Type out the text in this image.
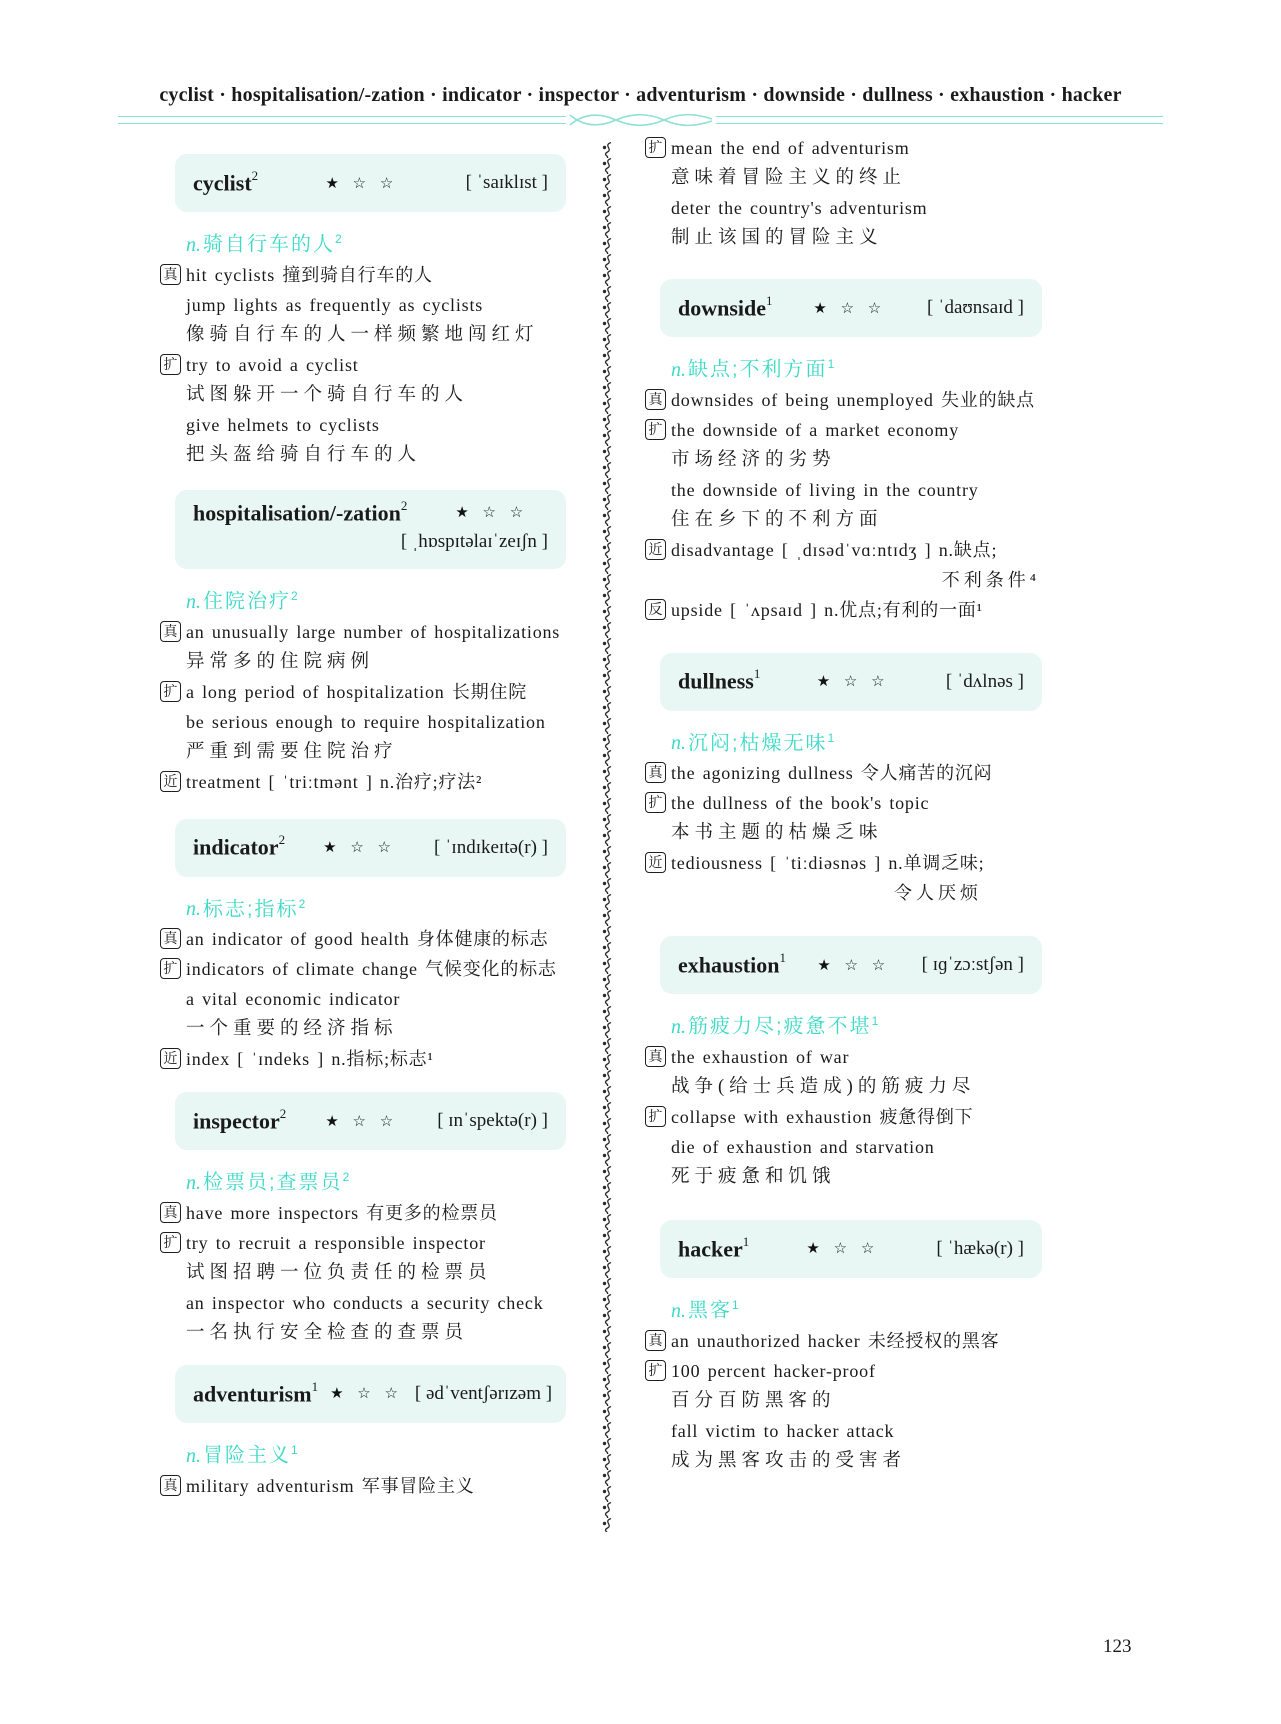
cyclist · hospitalisation/-zation · indicator · inspector · adventurism · downside · dullness · exhaustion · hacker
cyclist$^2$
★ ☆ ☆	[ ˈsaɪklɪst ]
n. 骑自行车的人$^2$
真 hit cyclists 撞到骑自行车的人
jump lights as frequently as cyclists
像骑自行车的人一样频繁地闯红灯
扩 try to avoid a cyclist
试图躲开一个骑自行车的人
give helmets to cyclists
把头盔给骑自行车的人
hospitalisation/-zation$^2$
★ ☆ ☆
[ ˌhɒspɪtəlaɪˈzeɪʃn ]
n. 住院治疗$^2$
真 an unusually large number of hospitalizations
异常多的住院病例
扩 a long period of hospitalization 长期住院
be serious enough to require hospitalization
严重到需要住院治疗
近 treatment [ ˈtriːtmənt ] n.治疗;疗法²
indicator$^2$
★ ☆ ☆ [ ˈɪndɪkeɪtə(r) ]
n. 标志;指标$^2$
真 an indicator of good health 身体健康的标志
扩 indicators of climate change 气候变化的标志
a vital economic indicator
一个重要的经济指标
近 index [ ˈɪndeks ] n.指标;标志¹
inspector$^2$
★ ☆ ☆ [ ɪnˈspektə(r) ]
n. 检票员;查票员$^2$
真 have more inspectors 有更多的检票员
扩 try to recruit a responsible inspector
试图招聘一位负责任的检票员
an inspector who conducts a security check
一名执行安全检查的查票员
adventurism$^1$
★ ☆ ☆ [ ədˈventʃərɪzəm ]
n. 冒险主义$^1$
真 military adventurism 军事冒险主义
扩 mean the end of adventurism
意味着冒险主义的终止
deter the country's adventurism
制止该国的冒险主义
downside$^1$
★ ☆ ☆ [ ˈdaʊnsaɪd ]
n. 缺点;不利方面$^1$
真 downsides of being unemployed 失业的缺点
扩 the downside of a market economy
市场经济的劣势
the downside of living in the country
住在乡下的不利方面
近 disadvantage [ ˌdɪsədˈvɑːntɪdʒ ] n.缺点;
不利条件⁴
反 upside [ ˈʌpsaɪd ] n.优点;有利的一面¹
dullness$^1$
★ ☆ ☆	[ ˈdʌlnəs ]
n. 沉闷;枯燥无味$^1$
真 the agonizing dullness 令人痛苦的沉闷
扩 the dullness of the book's topic
本书主题的枯燥乏味
近 tediousness [ ˈtiːdiəsnəs ] n.单调乏味;
令人厌烦
exhaustion$^1$
★ ☆ ☆ [ ɪɡˈzɔːstʃən ]
n. 筋疲力尽;疲惫不堪$^1$
真 the exhaustion of war
战争(给士兵造成)的筋疲力尽
扩 collapse with exhaustion 疲惫得倒下
die of exhaustion and starvation
死于疲惫和饥饿
hacker$^1$
★ ☆ ☆	[ ˈhækə(r) ]
n. 黑客$^1$
真 an unauthorized hacker 未经授权的黑客
扩 100 percent hacker-proof
百分百防黑客的
fall victim to hacker attack
成为黑客攻击的受害者
123
